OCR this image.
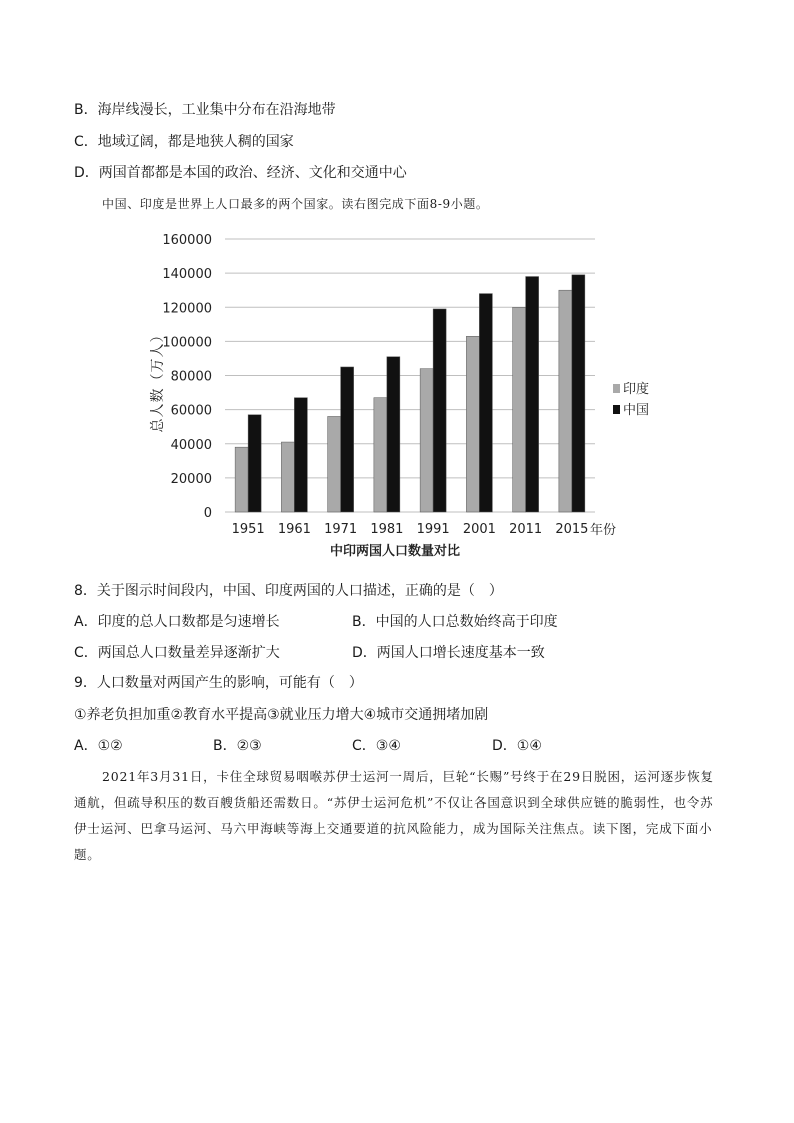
B．海岸线漫长，工业集中分布在沿海地带
C．地域辽阔，都是地狭人稠的国家
D．两国首都都是本国的政治、经济、文化和交通中心
中国、印度是世界上人口最多的两个国家。读右图完成下面8-9小题。
0
20000
40000
60000
80000
100000
120000
140000
160000
1951 1961 1971 1981 1991 2001 2011 2015
总人数（万人）
年份
中印两国人口数量对比
印度
中国
8．关于图示时间段内，中国、印度两国的人口描述，正确的是（　）
A．印度的总人口数都是匀速增长	B．中国的人口总数始终高于印度
C．两国总人口数量差异逐渐扩大	D．两国人口增长速度基本一致
9．人口数量对两国产生的影响，可能有（　）
①养老负担加重②教育水平提高③就业压力增大④城市交通拥堵加剧
A．①②	B．②③	C．③④	D．①④
2021年3月31日，卡住全球贸易咽喉苏伊士运河一周后，巨轮“长赐”号终于在29日脱困，运河逐步恢复通航，但疏导积压的数百艘货船还需数日。“苏伊士运河危机”不仅让各国意识到全球供应链的脆弱性，也令苏伊士运河、巴拿马运河、马六甲海峡等海上交通要道的抗风险能力，成为国际关注焦点。读下图，完成下面小题。
